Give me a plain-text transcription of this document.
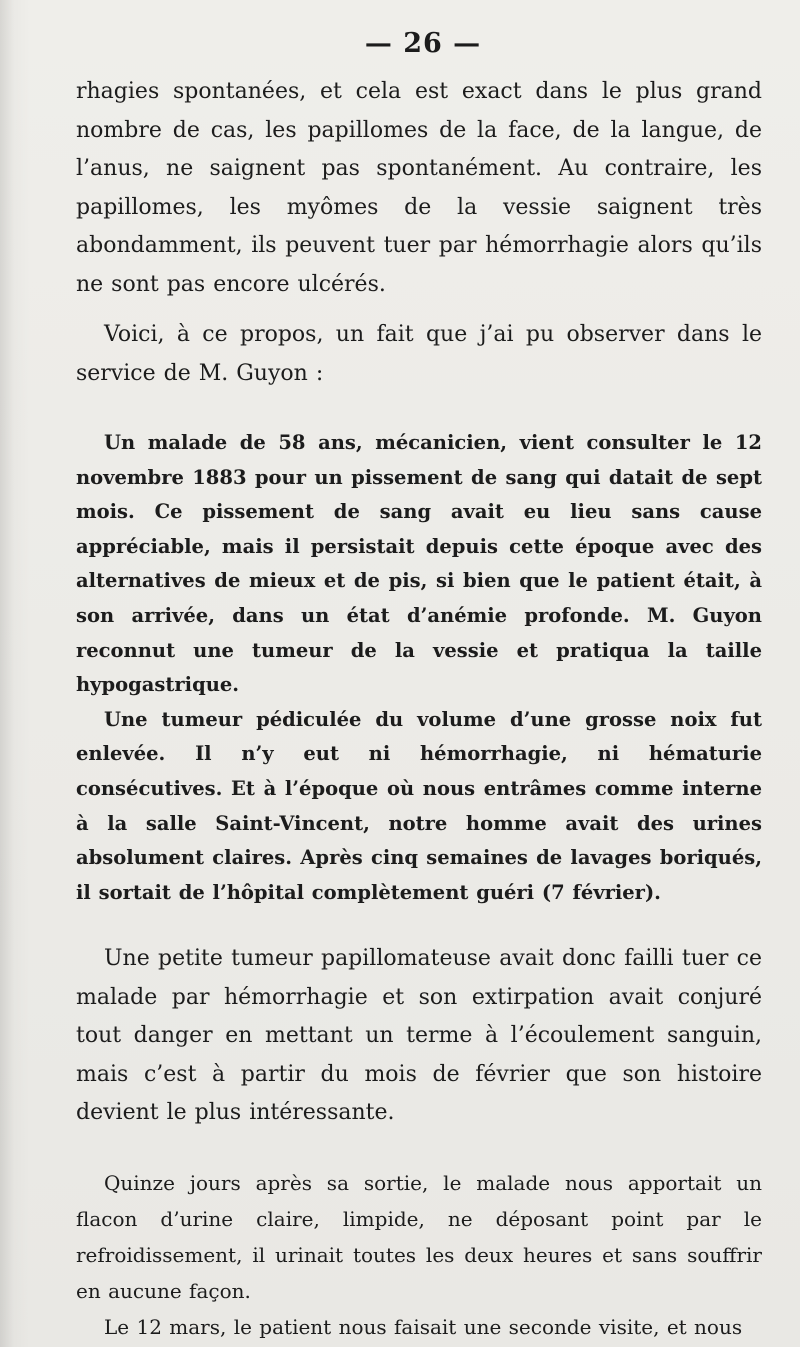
— 26 —

rhagies spontanées, et cela est exact dans le plus grand nombre de cas, les papillomes de la face, de la langue, de l’anus, ne saignent pas spontanément. Au contraire, les papillomes, les myômes de la vessie saignent très abondamment, ils peuvent tuer par hémorrhagie alors qu’ils ne sont pas encore ulcérés.

Voici, à ce propos, un fait que j’ai pu observer dans le service de M. Guyon :

Un malade de 58 ans, mécanicien, vient consulter le 12 novembre 1883 pour un pissement de sang qui datait de sept mois. Ce pissement de sang avait eu lieu sans cause appréciable, mais il persistait depuis cette époque avec des alternatives de mieux et de pis, si bien que le patient était, à son arrivée, dans un état d’anémie profonde. M. Guyon reconnut une tumeur de la vessie et pratiqua la taille hypogastrique.

Une tumeur pédiculée du volume d’une grosse noix fut enlevée. Il n’y eut ni hémorrhagie, ni hématurie consécutives. Et à l’époque où nous entrâmes comme interne à la salle Saint-Vincent, notre homme avait des urines absolument claires. Après cinq semaines de lavages boriqués, il sortait de l’hôpital complètement guéri (7 février).

Une petite tumeur papillomateuse avait donc failli tuer ce malade par hémorrhagie et son extirpation avait conjuré tout danger en mettant un terme à l’écoulement sanguin, mais c’est à partir du mois de février que son histoire devient le plus intéressante.

Quinze jours après sa sortie, le malade nous apportait un flacon d’urine claire, limpide, ne déposant point par le refroidissement, il urinait toutes les deux heures et sans souffrir en aucune façon.

Le 12 mars, le patient nous faisait une seconde visite, et nous
